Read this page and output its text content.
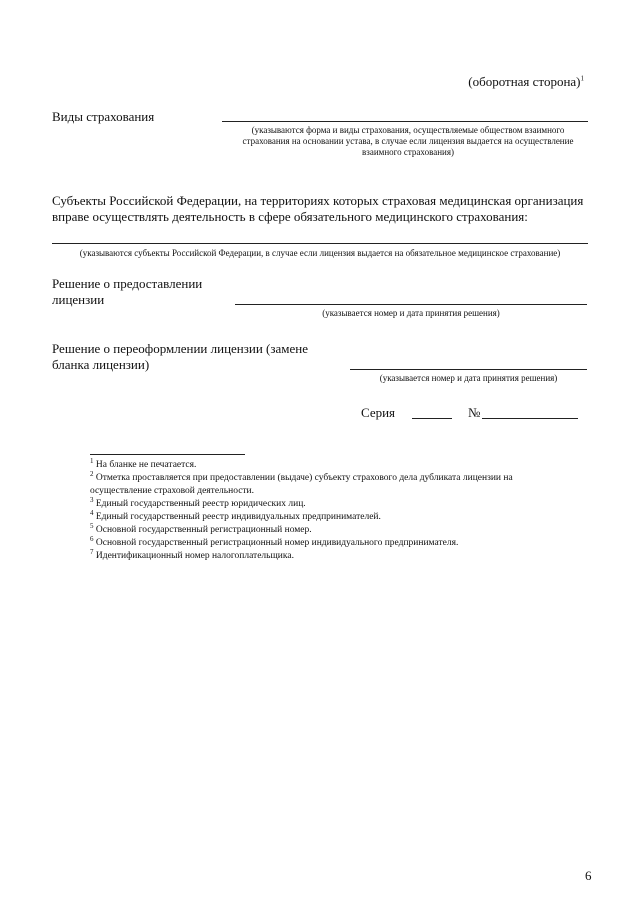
(оборотная сторона)$^1$
Виды страхования
(указываются форма и виды страхования, осуществляемые обществом взаимного страхования на основании устава, в случае если лицензия выдается на осуществление взаимного страхования)
Субъекты Российской Федерации, на территориях которых страховая медицинская организация вправе осуществлять деятельность в сфере обязательного медицинского страхования:
(указываются субъекты Российской Федерации, в случае если лицензия выдается на обязательное медицинское страхование)
Решение о предоставлении
лицензии
(указывается номер и дата принятия решения)
Решение о переоформлении лицензии (замене
бланка лицензии)
(указывается номер и дата принятия решения)
Серия	№
$^1$ На бланке не печатается.
$^2$ Отметка проставляется при предоставлении (выдаче) субъекту страхового дела дубликата лицензии на
осуществление страховой деятельности.
$^3$ Единый государственный реестр юридических лиц.
$^4$ Единый государственный реестр индивидуальных предпринимателей.
$^5$ Основной государственный регистрационный номер.
$^6$ Основной государственный регистрационный номер индивидуального предпринимателя.
$^7$ Идентификационный номер налогоплательщика.
6
